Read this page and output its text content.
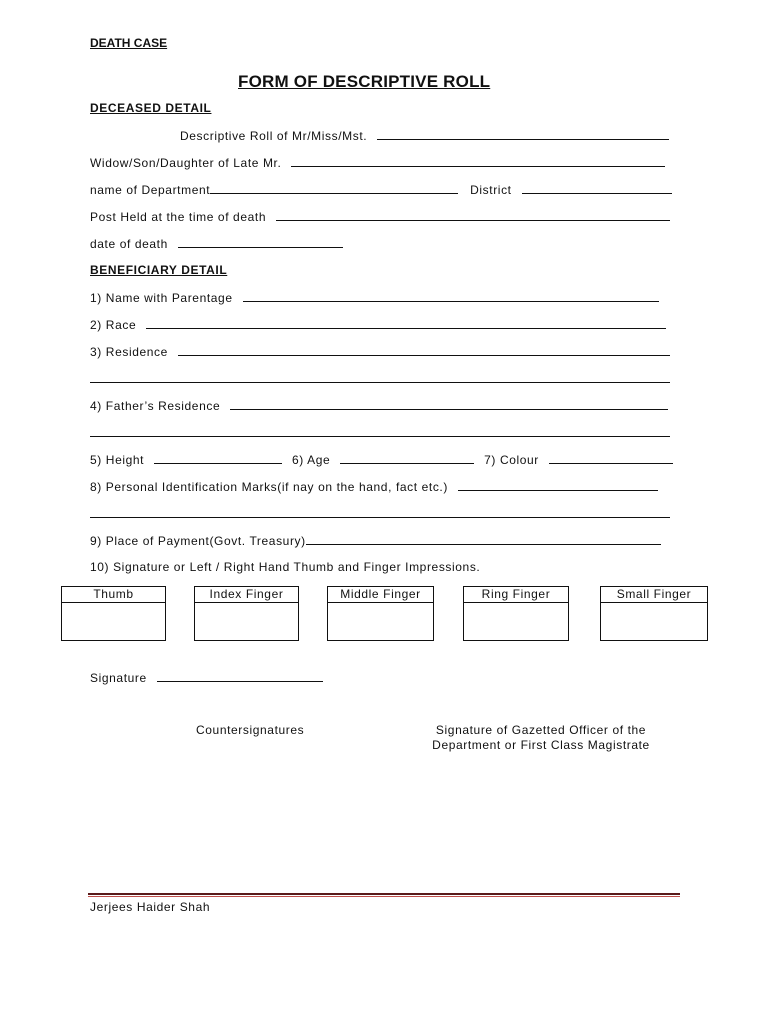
DEATH CASE
FORM OF DESCRIPTIVE ROLL
DECEASED DETAIL
Descriptive Roll of Mr/Miss/Mst.
Widow/Son/Daughter of Late Mr.
name of Department	District
Post Held at the time of death
date of death
BENEFICIARY DETAIL
1) Name with Parentage
2) Race
3) Residence
4) Father’s Residence
5) Height	6) Age	7) Colour
8) Personal Identification Marks(if nay on the hand, fact etc.)
9) Place of Payment(Govt. Treasury)
10) Signature or Left / Right Hand Thumb and Finger Impressions.
Thumb	Index Finger	Middle Finger	Ring Finger	Small Finger
Signature
Countersignatures	Signature of Gazetted Officer of the
Department or First Class Magistrate
Jerjees Haider Shah
